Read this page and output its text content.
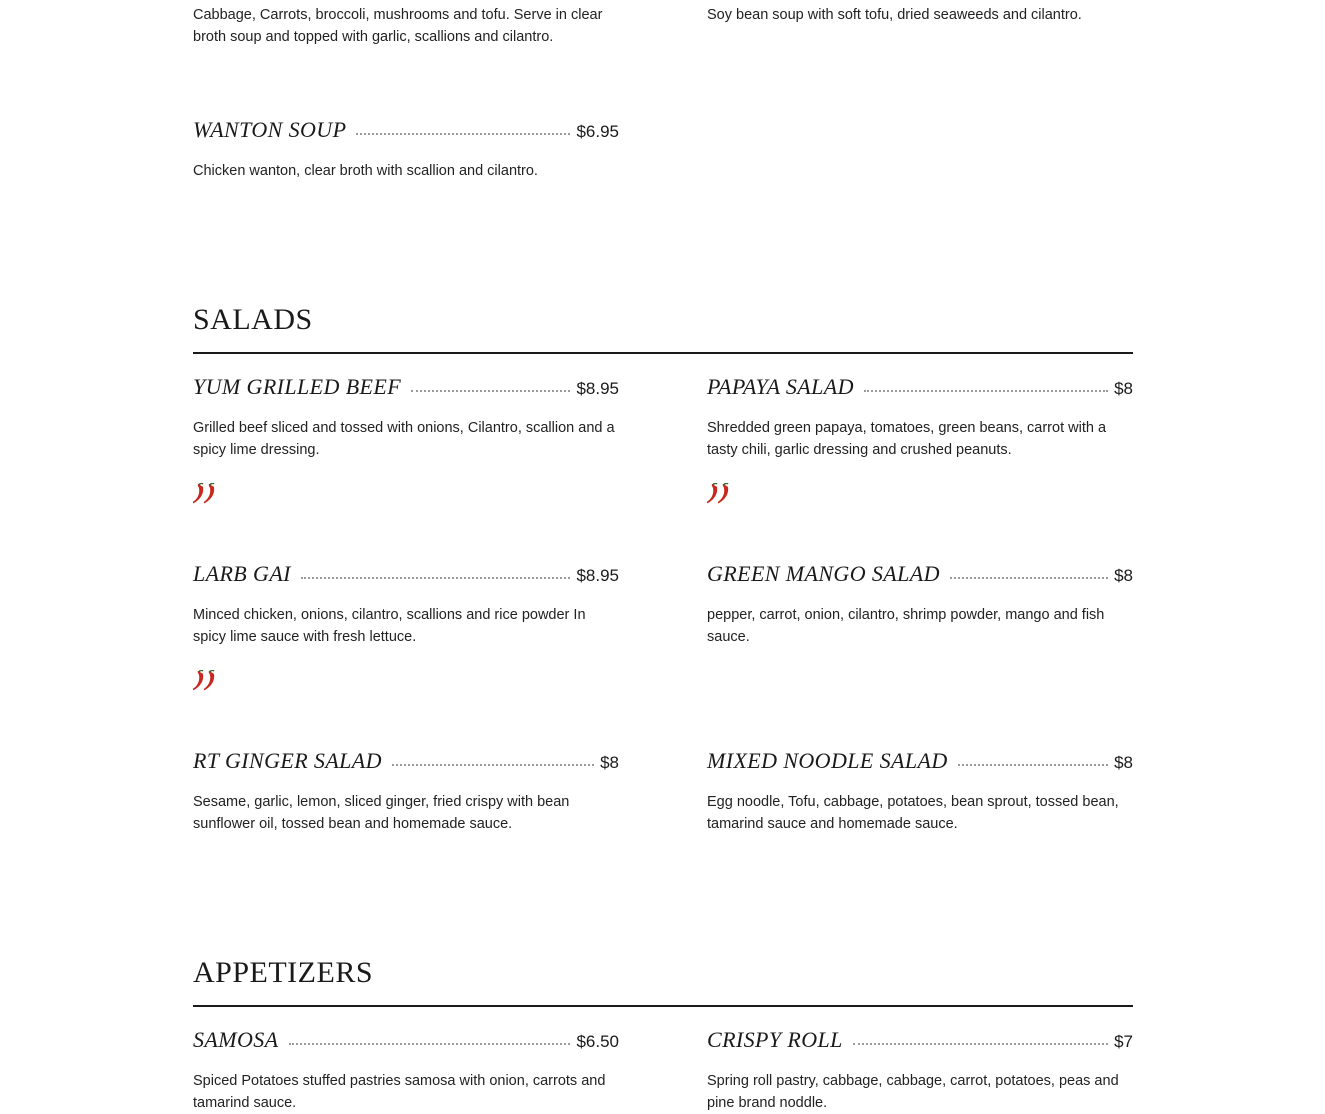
Cabbage, Carrots, broccoli, mushrooms and tofu. Serve in clear broth soup and topped with garlic, scallions and cilantro.
Soy bean soup with soft tofu, dried seaweeds and cilantro.
WANTON SOUP	$6.95
Chicken wanton, clear broth with scallion and cilantro.
SALADS
YUM GRILLED BEEF	$8.95
Grilled beef sliced and tossed with onions, Cilantro, scallion and a spicy lime dressing.
PAPAYA SALAD	$8
Shredded green papaya, tomatoes, green beans, carrot with a tasty chili, garlic dressing and crushed peanuts.
LARB GAI	$8.95
Minced chicken, onions, cilantro, scallions and rice powder In spicy lime sauce with fresh lettuce.
GREEN MANGO SALAD	$8
pepper, carrot, onion, cilantro, shrimp powder, mango and fish sauce.
RT GINGER SALAD	$8
Sesame, garlic, lemon, sliced ginger, fried crispy with bean sunflower oil, tossed bean and homemade sauce.
MIXED NOODLE SALAD	$8
Egg noodle, Tofu, cabbage, potatoes, bean sprout, tossed bean, tamarind sauce and homemade sauce.
APPETIZERS
SAMOSA	$6.50
Spiced Potatoes stuffed pastries samosa with onion, carrots and tamarind sauce.
CRISPY ROLL	$7
Spring roll pastry, cabbage, cabbage, carrot, potatoes, peas and pine brand noddle.
